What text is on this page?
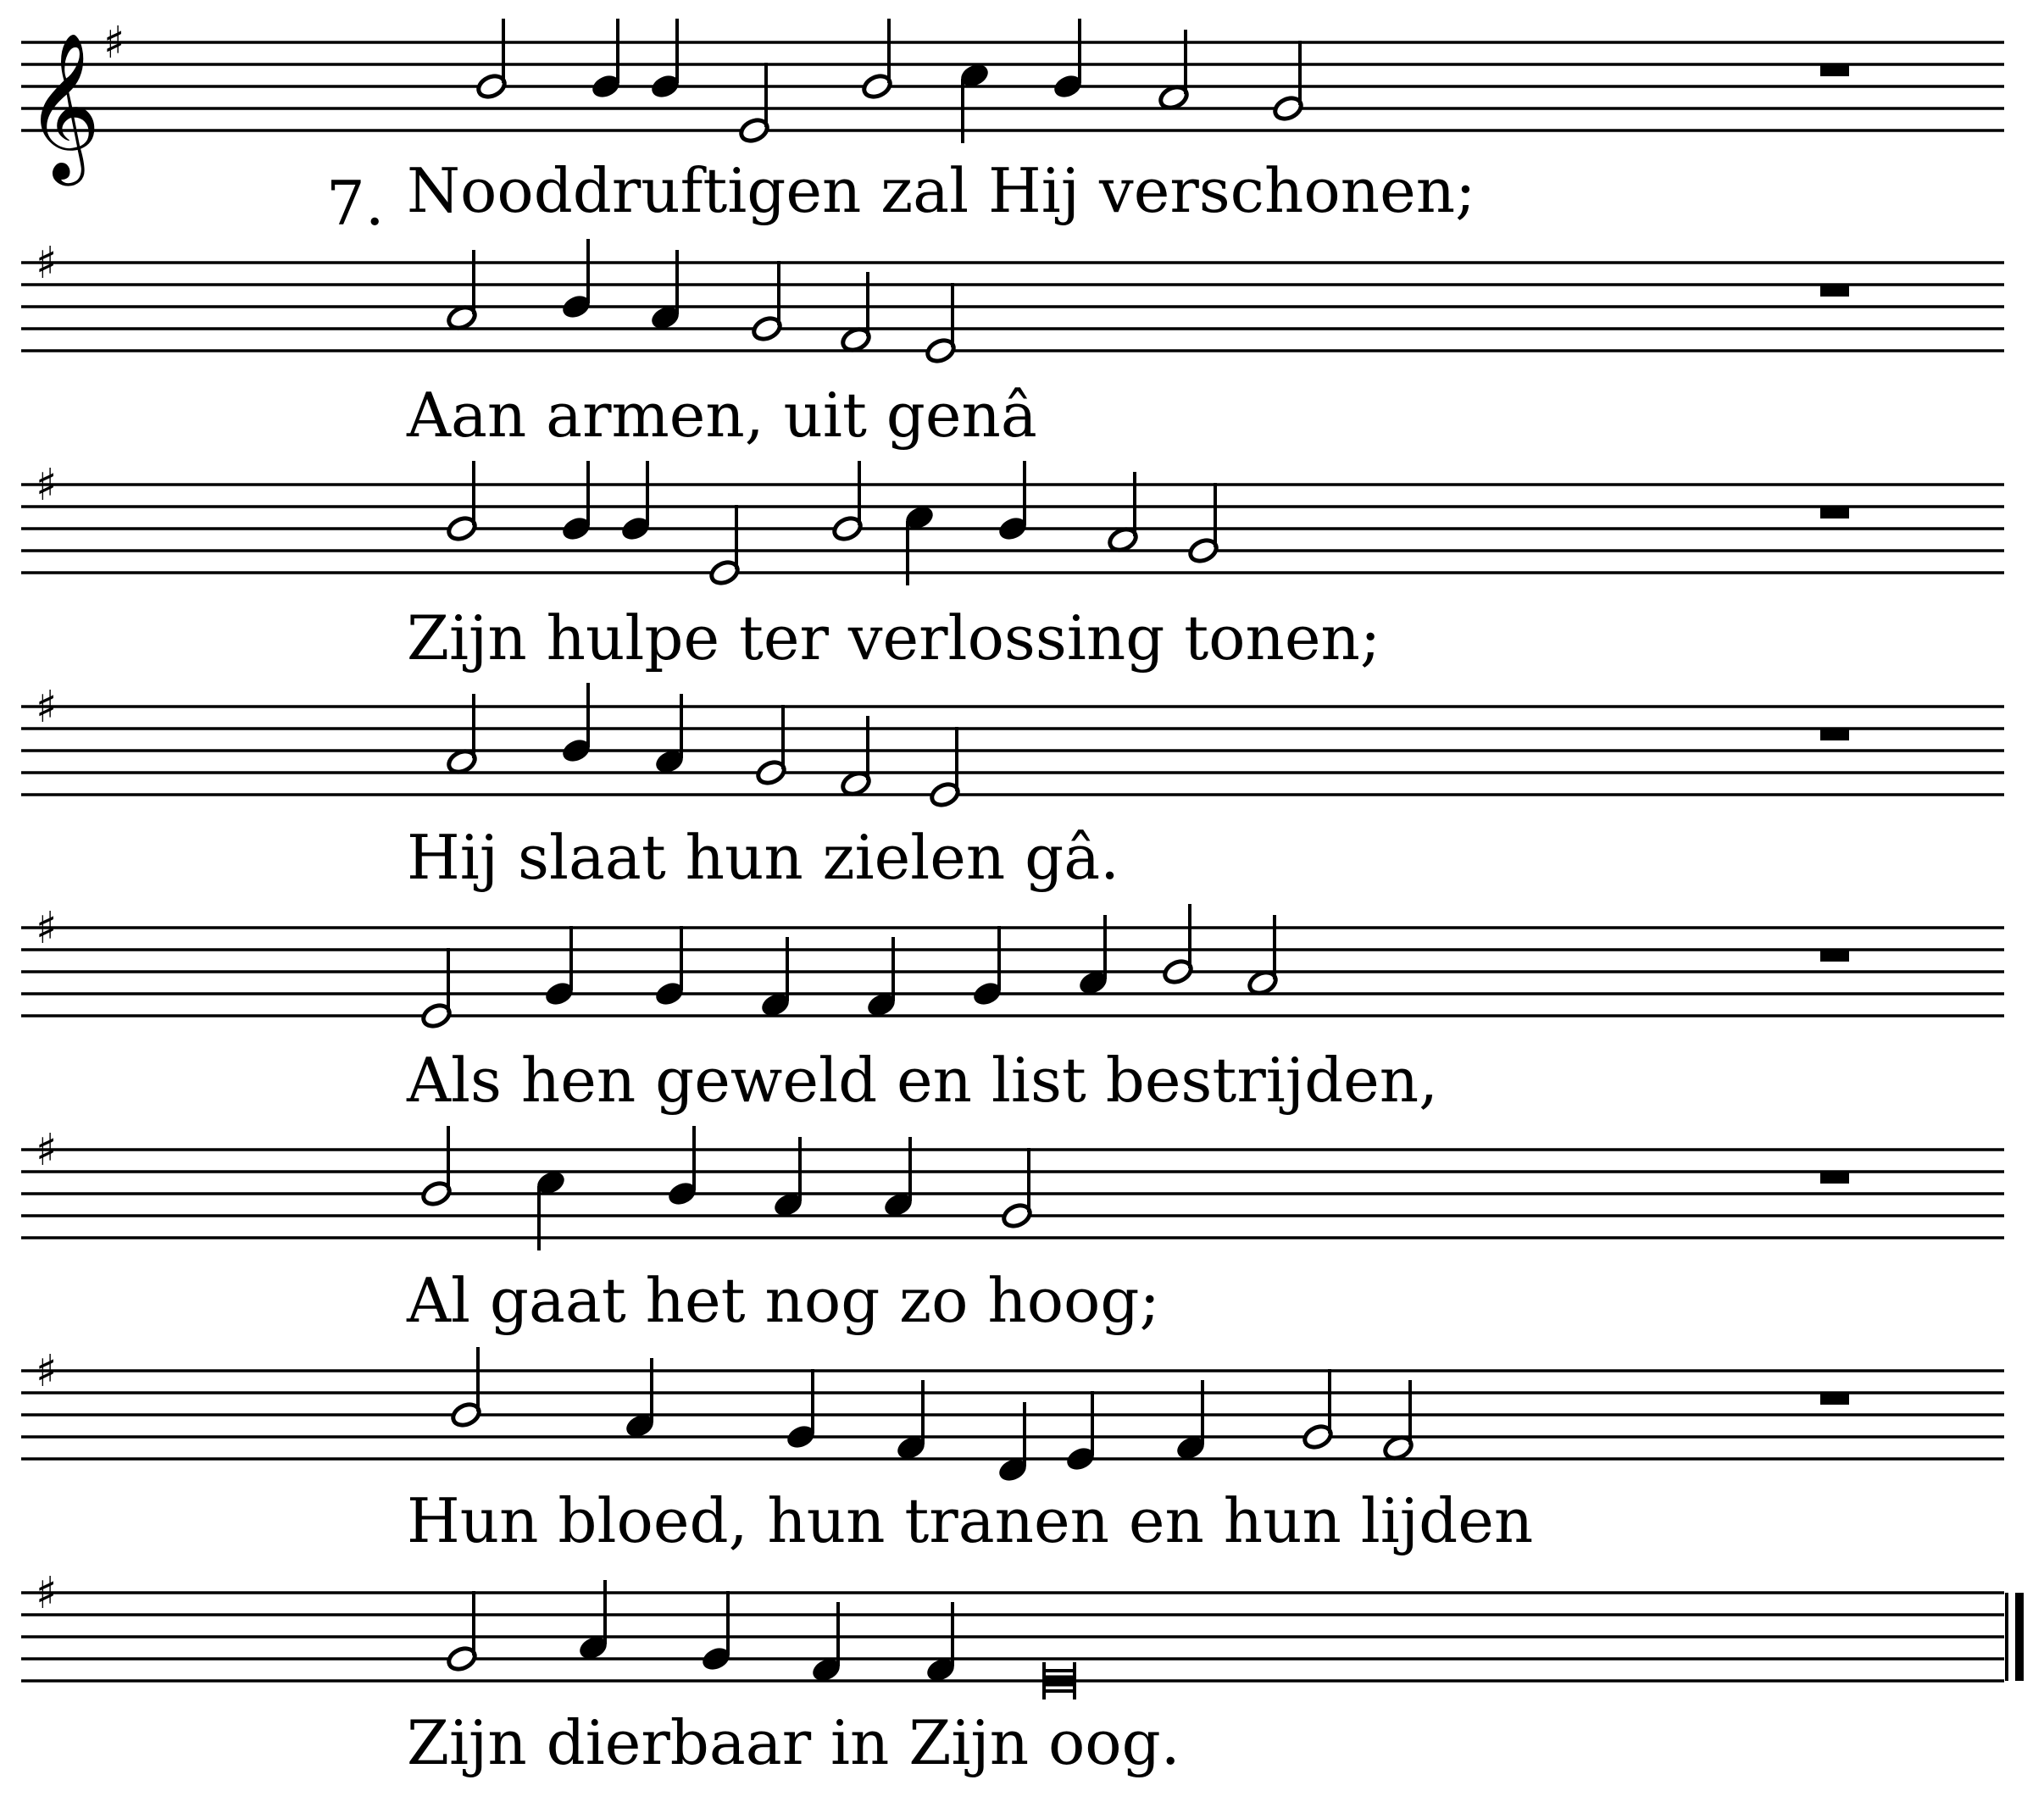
𝄞 ♯
♯
♯
♯
♯
♯
♯
♯
7. Nooddruftigen zal Hij verschonen;
Aan armen, uit genâ
Zijn hulpe ter verlossing tonen;
Hij slaat hun zielen gâ.
Als hen geweld en list bestrijden,
Al gaat het nog zo hoog;
Hun bloed, hun tranen en hun lijden
Zijn dierbaar in Zijn oog.
